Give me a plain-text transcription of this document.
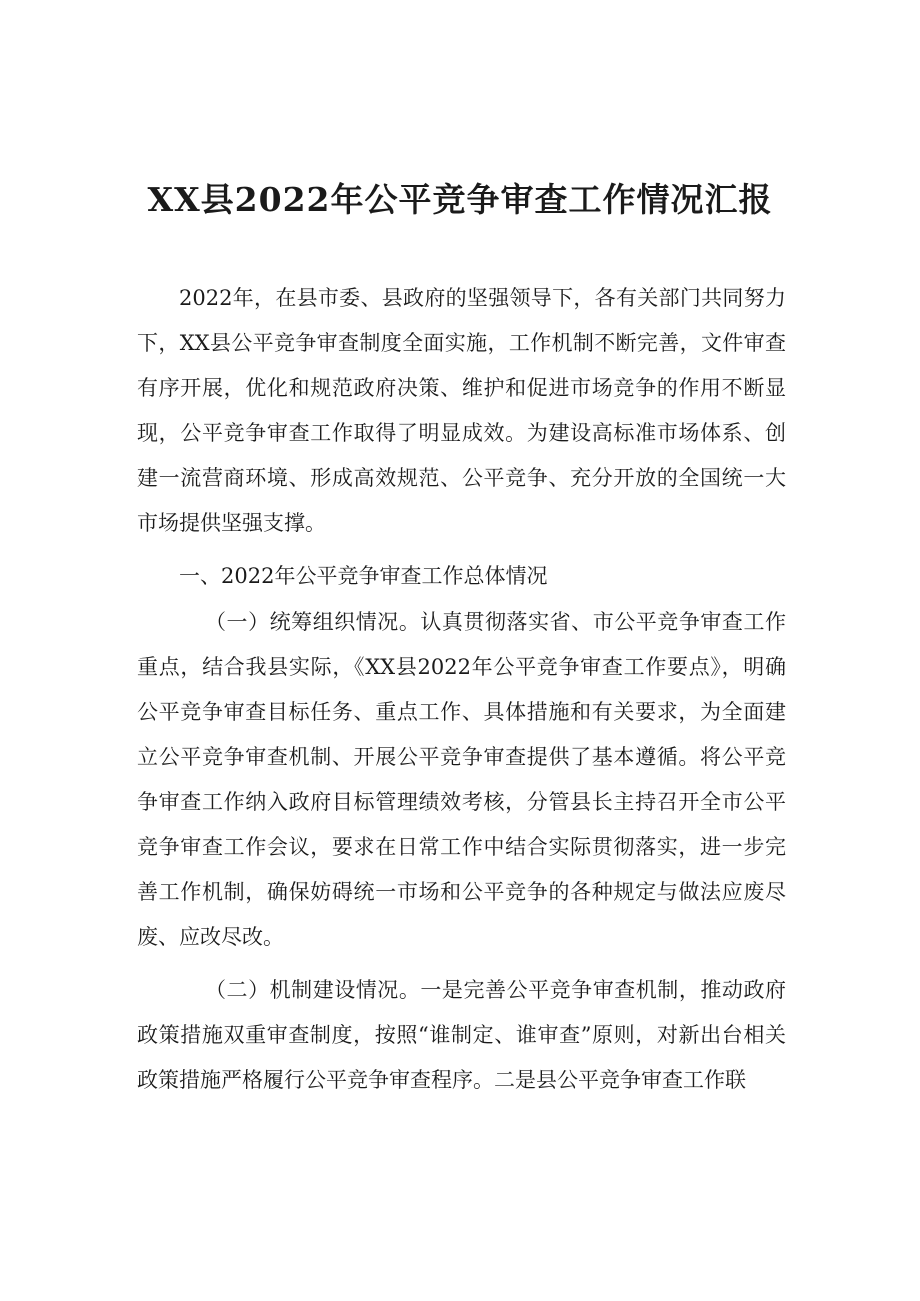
XX县2022年公平竞争审查工作情况汇报

2022年，在县市委、县政府的坚强领导下，各有关部门共同努力下，XX县公平竞争审查制度全面实施，工作机制不断完善，文件审查有序开展，优化和规范政府决策、维护和促进市场竞争的作用不断显现，公平竞争审查工作取得了明显成效。为建设高标准市场体系、创建一流营商环境、形成高效规范、公平竞争、充分开放的全国统一大市场提供坚强支撑。

一、2022年公平竞争审查工作总体情况

（一）统筹组织情况。认真贯彻落实省、市公平竞争审查工作重点，结合我县实际，《XX县2022年公平竞争审查工作要点》，明确公平竞争审查目标任务、重点工作、具体措施和有关要求，为全面建立公平竞争审查机制、开展公平竞争审查提供了基本遵循。将公平竞争审查工作纳入政府目标管理绩效考核，分管县长主持召开全市公平竞争审查工作会议，要求在日常工作中结合实际贯彻落实，进一步完善工作机制，确保妨碍统一市场和公平竞争的各种规定与做法应废尽废、应改尽改。

（二）机制建设情况。一是完善公平竞争审查机制，推动政府政策措施双重审查制度，按照“谁制定、谁审查”原则，对新出台相关政策措施严格履行公平竞争审查程序。二是县公平竞争审查工作联
